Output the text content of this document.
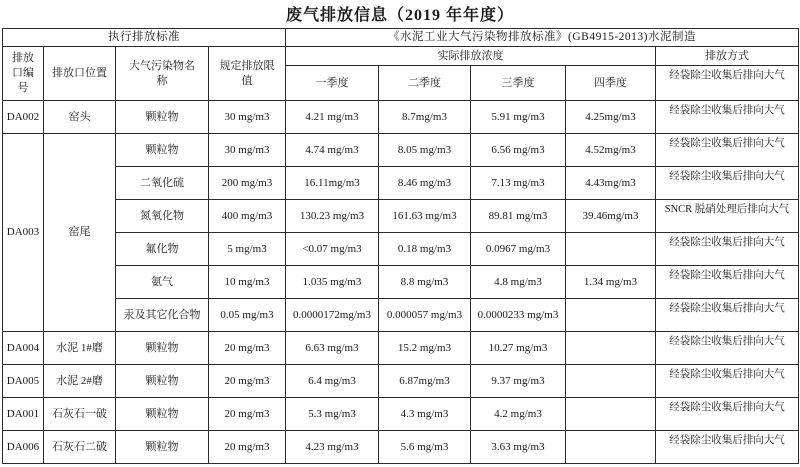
废气排放信息（2019 年年度）
执行排放标准				《水泥工业大气污染物排放标准》(GB4915-2013)水泥制造				
排放口编号	排放口位置	大气污染物名称	规定排放限值	实际排放浓度				排放方式
				一季度	二季度	三季度	四季度	经袋除尘收集后排向大气
DA002	窑头	颗粒物	30 mg/m3	4.21 mg/m3	8.7mg/m3	5.91 mg/m3	4.25mg/m3	经袋除尘收集后排向大气
DA003	窑尾	颗粒物	30 mg/m3	4.74 mg/m3	8.05 mg/m3	6.56 mg/m3	4.52mg/m3	经袋除尘收集后排向大气
		二氧化硫	200 mg/m3	16.11mg/m3	8.46 mg/m3	7.13 mg/m3	4.43mg/m3	经袋除尘收集后排向大气
		氮氧化物	400 mg/m3	130.23 mg/m3	161.63 mg/m3	89.81 mg/m3	39.46mg/m3	SNCR 脱硝处理后排向大气
		氟化物	5 mg/m3	<0.07 mg/m3	0.18 mg/m3	0.0967 mg/m3		经袋除尘收集后排向大气
		氨气	10 mg/m3	1.035 mg/m3	8.8 mg/m3	4.8 mg/m3	1.34 mg/m3	经袋除尘收集后排向大气
		汞及其它化合物	0.05 mg/m3	0.0000172mg/m3	0.000057 mg/m3	0.0000233 mg/m3		经袋除尘收集后排向大气
DA004	水泥 1#磨	颗粒物	20 mg/m3	6.63 mg/m3	15.2 mg/m3	10.27 mg/m3		经袋除尘收集后排向大气
DA005	水泥 2#磨	颗粒物	20 mg/m3	6.4 mg/m3	6.87mg/m3	9.37 mg/m3		经袋除尘收集后排向大气
DA001	石灰石一破	颗粒物	20 mg/m3	5.3 mg/m3	4.3 mg/m3	4.2 mg/m3		经袋除尘收集后排向大气
DA006	石灰石二破	颗粒物	20 mg/m3	4.23 mg/m3	5.6 mg/m3	3.63 mg/m3		经袋除尘收集后排向大气
